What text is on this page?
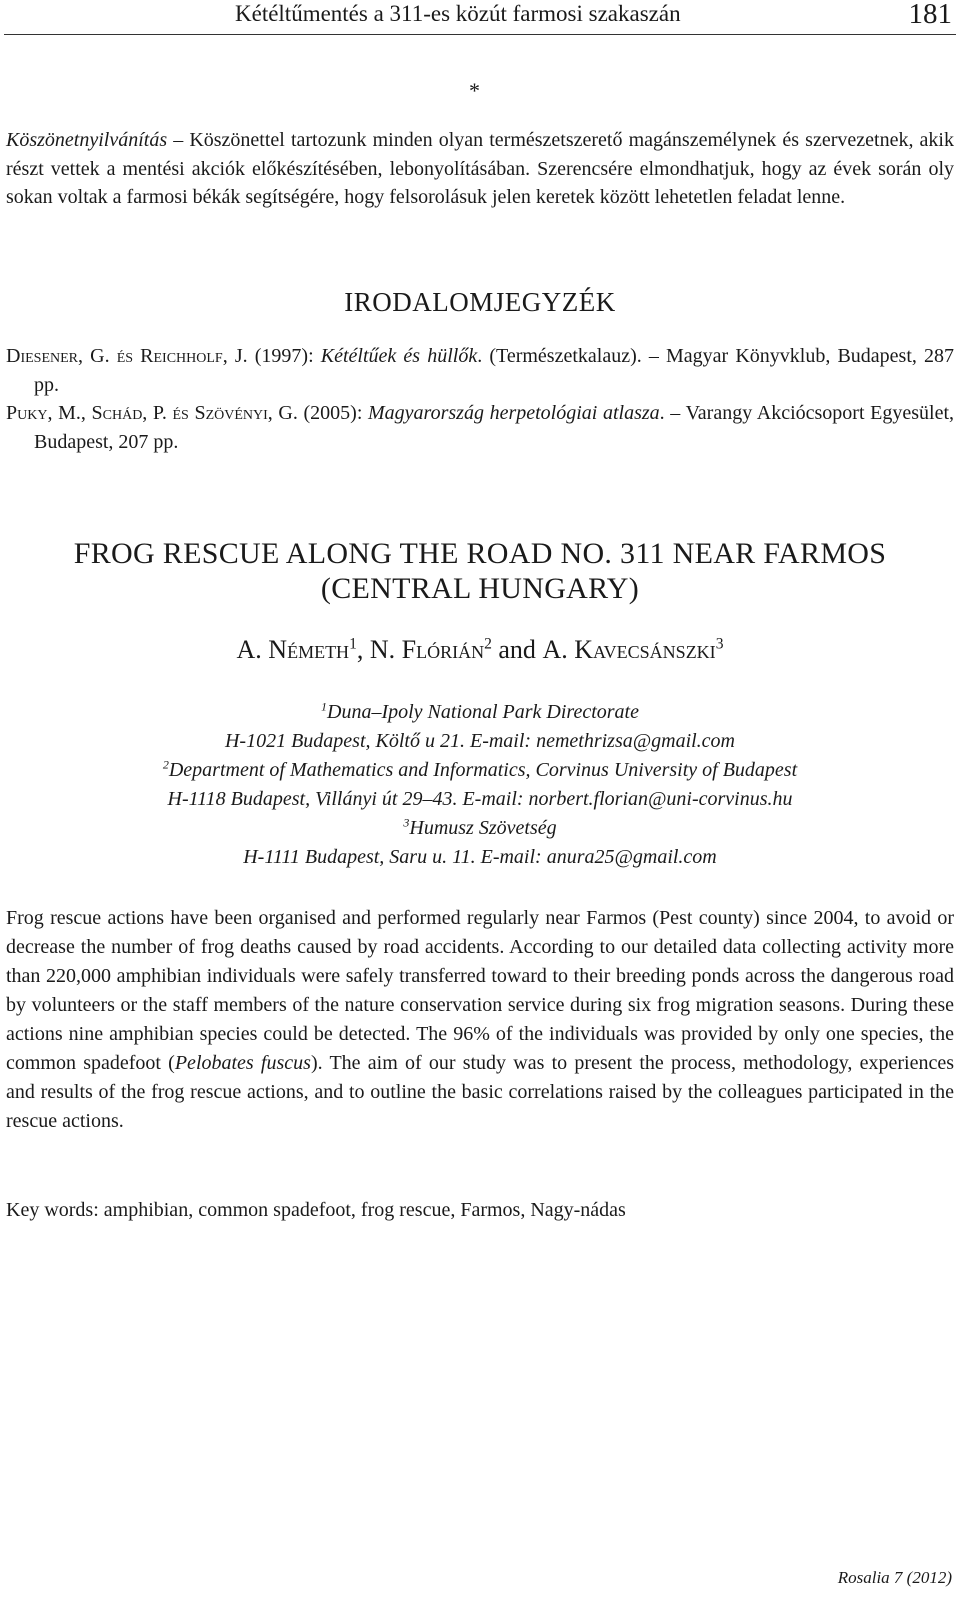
Kétéltűmentés a 311-es közút farmosi szakaszán	181
*

Köszönetnyilvánítás – Köszönettel tartozunk minden olyan természetszerető magánszemélynek és szervezetnek, akik részt vettek a mentési akciók előkészítésében, lebonyolításában. Szerencsére elmondhatjuk, hogy az évek során oly sokan voltak a farmosi békák segítségére, hogy felsorolásuk jelen keretek között lehetetlen feladat lenne.

IRODALOMJEGYZÉK

Diesener, G. és Reichholf, J. (1997): Kétéltűek és hüllők. (Természetkalauz). – Magyar Könyvklub, Budapest, 287 pp.

Puky, M., Schád, P. és Szövényi, G. (2005): Magyarország herpetológiai atlasza. – Varangy Akciócsoport Egyesület, Budapest, 207 pp.

FROG RESCUE ALONG THE ROAD NO. 311 NEAR FARMOS
(CENTRAL HUNGARY)
A. Németh$^1$, N. Flórián$^2$ and A. Kavecsánszki$^3$
$^1$Duna–Ipoly National Park Directorate
H-1021 Budapest, Költő u 21. E-mail: nemethrizsa@gmail.com
$^2$Department of Mathematics and Informatics, Corvinus University of Budapest
H-1118 Budapest, Villányi út 29–43. E-mail: norbert.florian@uni-corvinus.hu
$^3$Humusz Szövetség
H-1111 Budapest, Saru u. 11. E-mail: anura25@gmail.com

Frog rescue actions have been organised and performed regularly near Farmos (Pest county) since 2004, to avoid or decrease the number of frog deaths caused by road accidents. According to our detailed data collecting activity more than 220,000 amphibian individuals were safely transferred toward to their breeding ponds across the dangerous road by volunteers or the staff members of the nature conservation service during six frog migration seasons. During these actions nine amphibian species could be detected. The 96% of the individuals was provided by only one species, the common spadefoot (Pelobates fuscus). The aim of our study was to present the process, methodology, experiences and results of the frog rescue actions, and to outline the basic correlations raised by the colleagues participated in the rescue actions.

Key words: amphibian, common spadefoot, frog rescue, Farmos, Nagy-nádas
Rosalia 7 (2012)
